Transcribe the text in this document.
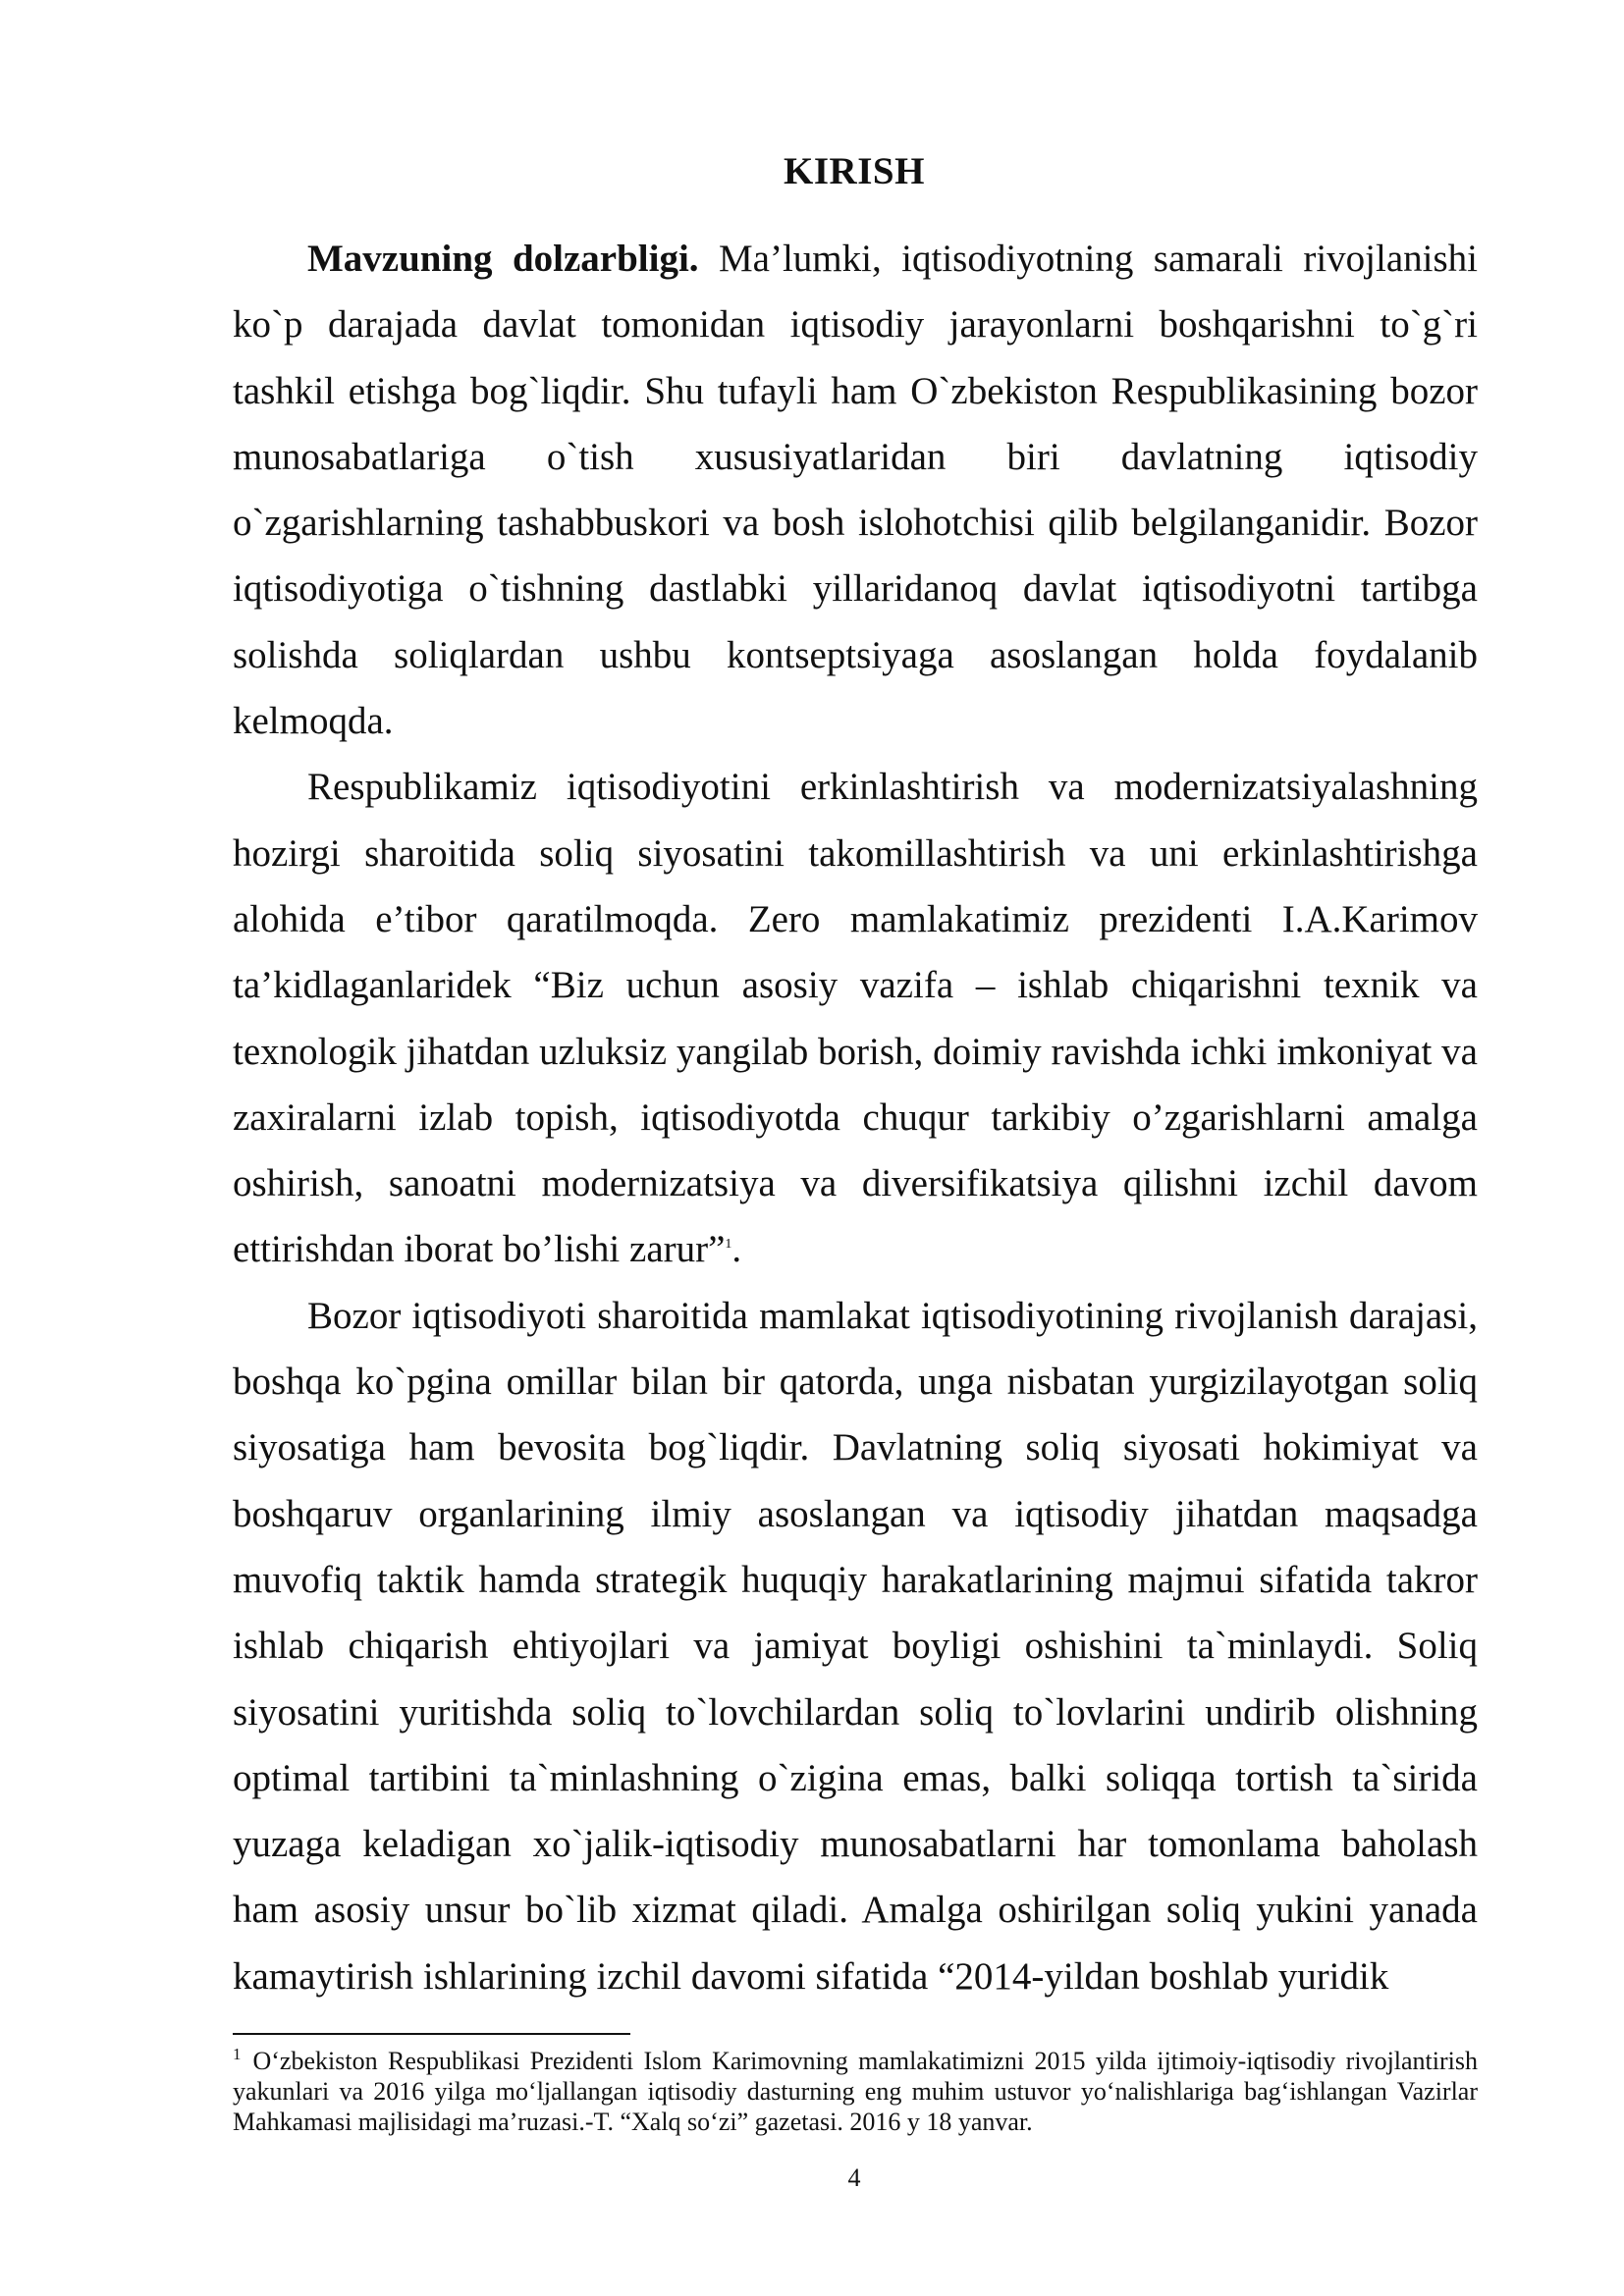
KIRISH

Mavzuning dolzarbligi. Ma’lumki, iqtisodiyotning samarali rivojlanishi ko`p darajada davlat tomonidan iqtisodiy jarayonlarni boshqarishni to`g`ri tashkil etishga bog`liqdir. Shu tufayli ham O`zbekiston Respublikasining bozor munosabatlariga o`tish xususiyatlaridan biri davlatning iqtisodiy o`zgarishlarning tashabbuskori va bosh islohotchisi qilib belgilanganidir. Bozor iqtisodiyotiga o`tishning dastlabki yillaridanoq davlat iqtisodiyotni tartibga solishda soliqlardan ushbu kontseptsiyaga asoslangan holda foydalanib kelmoqda.

Respublikamiz iqtisodiyotini erkinlashtirish va modernizatsiyalashning hozirgi sharoitida soliq siyosatini takomillashtirish va uni erkinlashtirishga alohida e’tibor qaratilmoqda. Zero mamlakatimiz prezidenti I.A.Karimov ta’kidlaganlaridek “Biz uchun asosiy vazifa – ishlab chiqarishni texnik va texnologik jihatdan uzluksiz yangilab borish, doimiy ravishda ichki imkoniyat va zaxiralarni izlab topish, iqtisodiyotda chuqur tarkibiy o’zgarishlarni amalga oshirish, sanoatni modernizatsiya va diversifikatsiya qilishni izchil davom ettirishdan iborat bo’lishi zarur”$^1$.

Bozor iqtisodiyoti sharoitida mamlakat iqtisodiyotining rivojlanish darajasi, boshqa ko`pgina omillar bilan bir qatorda, unga nisbatan yurgizilayotgan soliq siyosatiga ham bevosita bog`liqdir. Davlatning soliq siyosati hokimiyat va boshqaruv organlarining ilmiy asoslangan va iqtisodiy jihatdan maqsadga muvofiq taktik hamda strategik huquqiy harakatlarining majmui sifatida takror ishlab chiqarish ehtiyojlari va jamiyat boyligi oshishini ta`minlaydi. Soliq siyosatini yuritishda soliq to`lovchilardan soliq to`lovlarini undirib olishning optimal tartibini ta`minlashning o`zigina emas, balki soliqqa tortish ta`sirida yuzaga keladigan xo`jalik-iqtisodiy munosabatlarni har tomonlama baholash ham asosiy unsur bo`lib xizmat qiladi. Amalga oshirilgan soliq yukini yanada kamaytirish ishlarining izchil davomi sifatida “2014-yildan boshlab yuridik

$^1$ O‘zbekiston Respublikasi Prezidenti Islom Karimovning mamlakatimizni 2015 yilda ijtimoiy-iqtisodiy rivojlantirish yakunlari va 2016 yilga mo‘ljallangan iqtisodiy dasturning eng muhim ustuvor yo‘nalishlariga bag‘ishlangan Vazirlar Mahkamasi majlisidagi ma’ruzasi.-T. “Xalq so‘zi” gazetasi. 2016 y 18 yanvar.
4
